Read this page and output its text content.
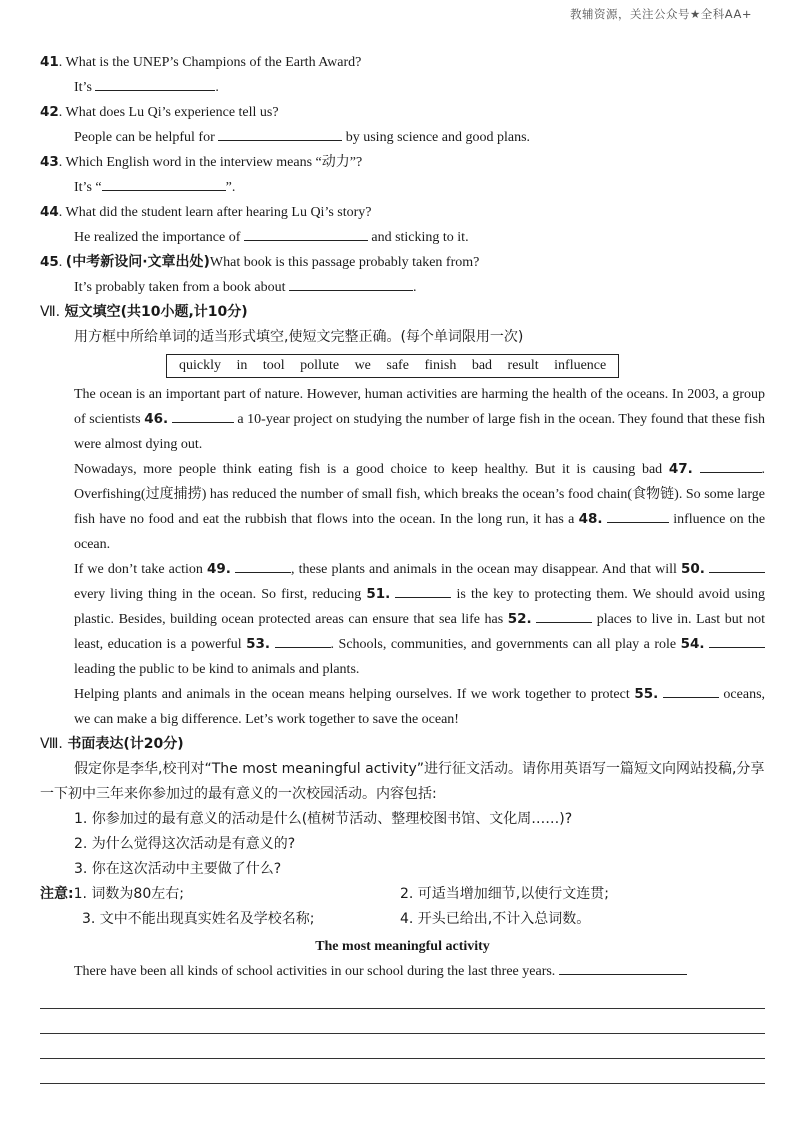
教辅资源，关注公众号★全科AA+
41. What is the UNEP’s Champions of the Earth Award?
It’s	.
42. What does Lu Qi’s experience tell us?
People can be helpful for	by using science and good plans.
43. Which English word in the interview means “动力”?
It’s “	”.
44. What did the student learn after hearing Lu Qi’s story?
He realized the importance of	and sticking to it.
45. (中考新设问·文章出处)What book is this passage probably taken from?
It’s probably taken from a book about	.
Ⅶ. 短文填空(共10小题,计10分)
用方框中所给单词的适当形式填空,使短文完整正确。(每个单词限用一次)
quickly in tool pollute we safe finish bad result influence
The ocean is an important part of nature. However, human activities are harming the health of the oceans. In 2003, a group of scientists 46.	a 10-year project on studying the number of large fish in the ocean. They found that these fish were almost dying out.
Nowadays, more people think eating fish is a good choice to keep healthy. But it is causing bad 47.	. Overfishing(过度捕捞) has reduced the number of small fish, which breaks the ocean’s food chain(食物链). So some large fish have no food and eat the rubbish that flows into the ocean. In the long run, it has a 48.	influence on the ocean.
If we don’t take action 49.	, these plants and animals in the ocean may disappear. And that will 50.  every living thing in the ocean. So first, reducing 51.	is the key to protecting them. We should avoid using plastic. Besides, building ocean protected areas can ensure that sea life has 52.	places to live in. Last but not least, education is a powerful 53.	. Schools, communities, and governments can all play a role 54.  leading the public to be kind to animals and plants.
Helping plants and animals in the ocean means helping ourselves. If we work together to protect 55.	oceans, we can make a big difference. Let’s work together to save the ocean!
Ⅷ. 书面表达(计20分)
假定你是李华,校刊对“The most meaningful activity”进行征文活动。请你用英语写一篇短文向网站投稿,分享一下初中三年来你参加过的最有意义的一次校园活动。内容包括:
1. 你参加过的最有意义的活动是什么(植树节活动、整理校图书馆、文化周……)?
2. 为什么觉得这次活动是有意义的?
3. 你在这次活动中主要做了什么?
注意:1. 词数为80左右;	2. 可适当增加细节,以使行文连贯;
3. 文中不能出现真实姓名及学校名称;	4. 开头已给出,不计入总词数。
The most meaningful activity
There have been all kinds of school activities in our school during the last three years.
